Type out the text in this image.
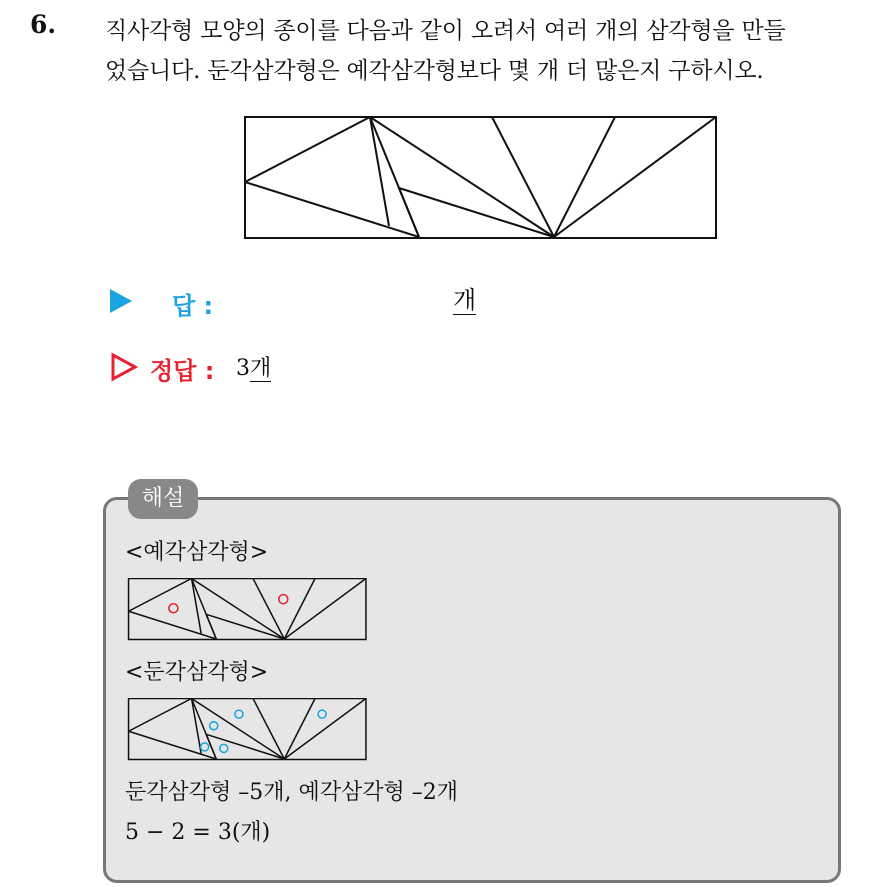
6. 직사각형 모양의 종이를 다음과 같이 오려서 여러 개의 삼각형을 만들
었습니다. 둔각삼각형은 예각삼각형보다 몇 개 더 많은지 구하시오.
답 :	개
정답 : 3개
해설
<예각삼각형>
<둔각삼각형>
둔각삼각형 –5개, 예각삼각형 –2개
5 − 2 = 3(개)
